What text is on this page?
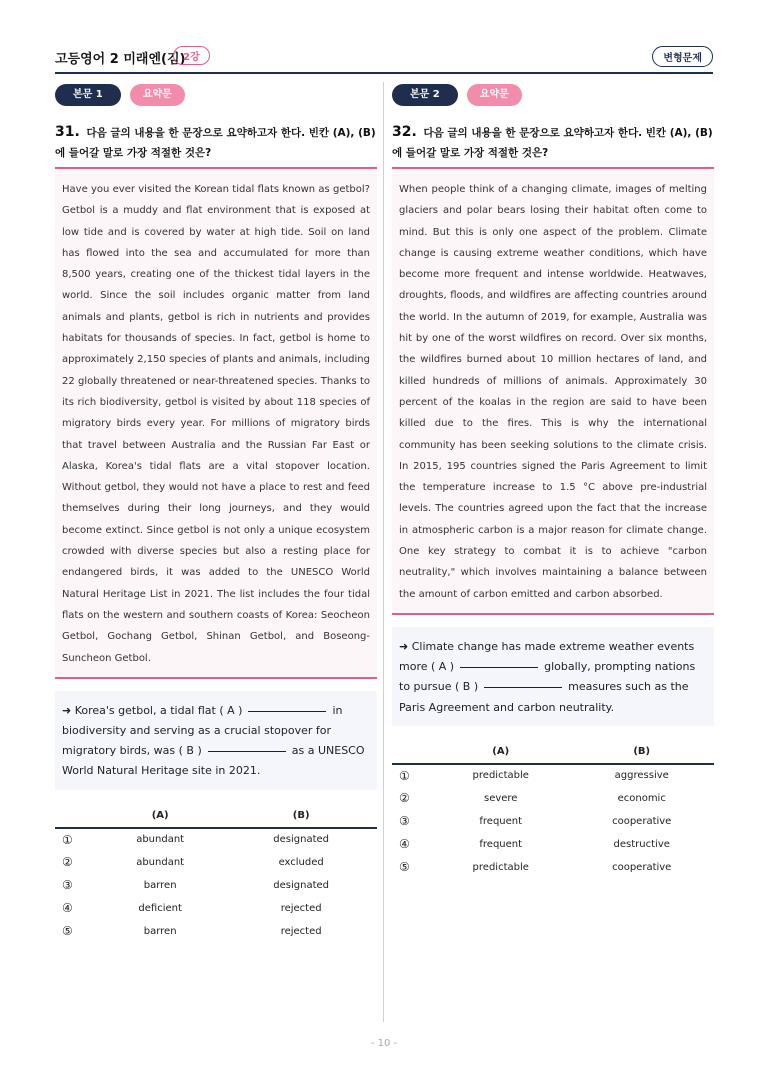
고등영어 2 미래엔(김)
2강	변형문제
본문 1	요약문
31. 다음 글의 내용을 한 문장으로 요약하고자 한다. 빈칸 (A), (B)에 들어갈 말로 가장 적절한 것은?
Have you ever visited the Korean tidal flats known as getbol? Getbol is a muddy and flat environment that is exposed at low tide and is covered by water at high tide. Soil on land has flowed into the sea and accumulated for more than 8,500 years, creating one of the thickest tidal layers in the world. Since the soil includes organic matter from land animals and plants, getbol is rich in nutrients and provides habitats for thousands of species. In fact, getbol is home to approximately 2,150 species of plants and animals, including 22 globally threatened or near-threatened species. Thanks to its rich biodiversity, getbol is visited by about 118 species of migratory birds every year. For millions of migratory birds that travel between Australia and the Russian Far East or Alaska, Korea's tidal flats are a vital stopover location. Without getbol, they would not have a place to rest and feed themselves during their long journeys, and they would become extinct. Since getbol is not only a unique ecosystem crowded with diverse species but also a resting place for endangered birds, it was added to the UNESCO World Natural Heritage List in 2021. The list includes the four tidal flats on the western and southern coasts of Korea: Seocheon Getbol, Gochang Getbol, Shinan Getbol, and Boseong-Suncheon Getbol.
➜ Korea's getbol, a tidal flat ( A )	in biodiversity and serving as a crucial stopover for migratory birds, was ( B )	as a UNESCO World Natural Heritage site in 2021.
	(A)	(B)
①	abundant	designated
②	abundant	excluded
③	barren	designated
④	deficient	rejected
⑤	barren	rejected
본문 2	요약문
32. 다음 글의 내용을 한 문장으로 요약하고자 한다. 빈칸 (A), (B)에 들어갈 말로 가장 적절한 것은?
When people think of a changing climate, images of melting glaciers and polar bears losing their habitat often come to mind. But this is only one aspect of the problem. Climate change is causing extreme weather conditions, which have become more frequent and intense worldwide. Heatwaves, droughts, floods, and wildfires are affecting countries around the world. In the autumn of 2019, for example, Australia was hit by one of the worst wildfires on record. Over six months, the wildfires burned about 10 million hectares of land, and killed hundreds of millions of animals. Approximately 30 percent of the koalas in the region are said to have been killed due to the fires. This is why the international community has been seeking solutions to the climate crisis. In 2015, 195 countries signed the Paris Agreement to limit the temperature increase to 1.5 °C above pre-industrial levels. The countries agreed upon the fact that the increase in atmospheric carbon is a major reason for climate change. One key strategy to combat it is to achieve "carbon neutrality," which involves maintaining a balance between the amount of carbon emitted and carbon absorbed.
➜ Climate change has made extreme weather events more ( A )	globally, prompting nations to pursue ( B )	measures such as the Paris Agreement and carbon neutrality.
	(A)	(B)
①	predictable	aggressive
②	severe	economic
③	frequent	cooperative
④	frequent	destructive
⑤	predictable	cooperative
- 10 -
